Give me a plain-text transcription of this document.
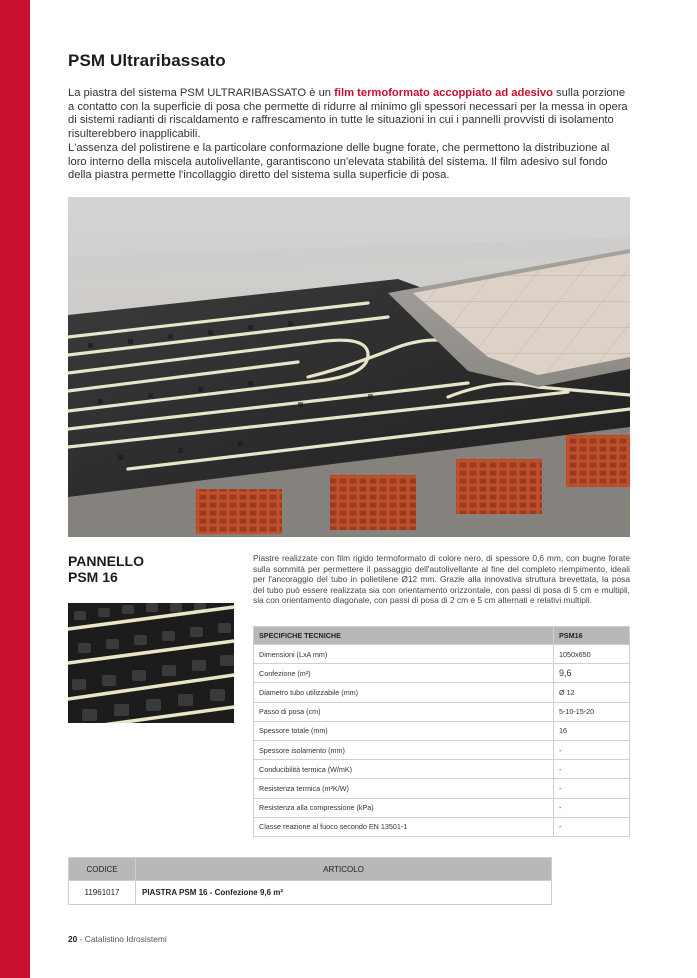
PSM Ultraribassato

La piastra del sistema PSM ULTRARIBASSATO è un film termoformato accoppiato ad adesivo sulla porzione a contatto con la superficie di posa che permette di ridurre al minimo gli spessori necessari per la messa in opera di sistemi radianti di riscaldamento e raffrescamento in tutte le situazioni in cui i pannelli provvisti di isolamento risulterebbero inapplicabili.

L'assenza del polistirene e la particolare conformazione delle bugne forate, che permettono la distribuzione al loro interno della miscela autolivellante, garantiscono un'elevata stabilità del sistema. Il film adesivo sul fondo della piastra permette l'incollaggio diretto del sistema sulla superficie di posa.

PANNELLO
PSM 16

Piastre realizzate con film rigido termoformato di colore nero, di spessore 0,6 mm, con bugne forate sulla sommità per permettere il passaggio dell'autolivellante al fine del completo riempimento, ideali per l'ancoraggio del tubo in polietilene Ø12 mm. Grazie alla innovativa struttura brevettata, la posa del tubo può essere realizzata sia con orientamento orizzontale, con passi di posa di 5 cm e multipli, sia con orientamento diagonale, con passi di posa di 2 cm e 5 cm alternati e relativi multipli.

SPECIFICHE TECNICHE	PSM16
Dimensioni (LxA mm)	1050x650
Confezione (m²)	9,6
Diametro tubo utilizzabile (mm)	Ø 12
Passo di posa (cm)	5-10-15-20
Spessore totale (mm)	16
Spessore isolamento (mm)	-
Conducibilità termica (W/mK)	-
Resistenza termica (m²K/W)	-
Resistenza alla compressione (kPa)	-
Classe reazione al fuoco secondo EN 13501-1	-
CODICE	ARTICOLO
11961017	PIASTRA PSM 16 - Confezione 9,6 m²
20 - Catalistino Idrosistemi
